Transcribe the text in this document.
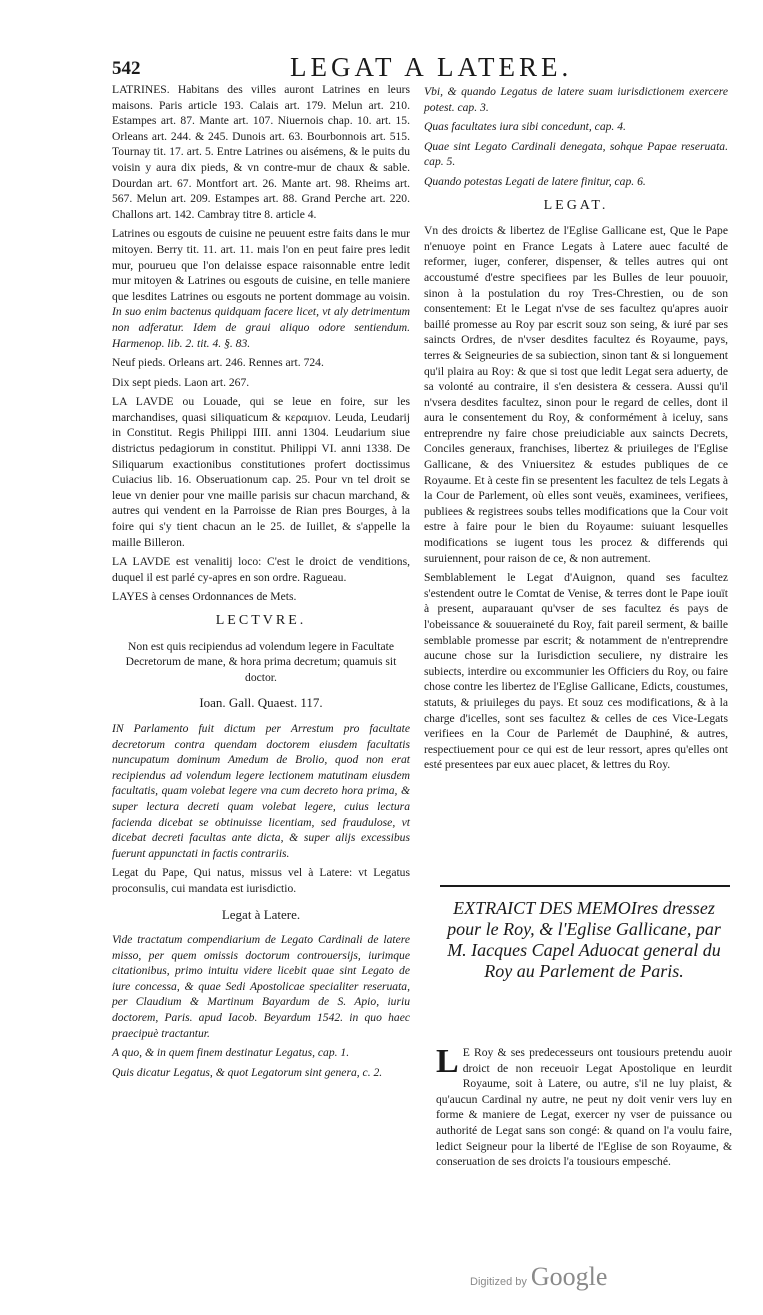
542	LEGAT A LATERE.

LATRINES. Habitans des villes auront Latrines en leurs maisons. Paris article 193. Calais art. 179. Melun art. 210. Estampes art. 87. Mante art. 107. Niuernois chap. 10. art. 15. Orleans art. 244. & 245. Dunois art. 63. Bourbonnois art. 515. Tournay tit. 17. art. 5. Entre Latrines ou aisémens, & le puits du voisin y aura dix pieds, & vn contre-mur de chaux & sable. Dourdan art. 67. Montfort art. 26. Mante art. 98. Rheims art. 567. Melun art. 209. Estampes art. 88. Grand Perche art. 220. Challons art. 142. Cambray titre 8. article 4.

Latrines ou esgouts de cuisine ne peuuent estre faits dans le mur mitoyen. Berry tit. 11. art. 11. mais l'on en peut faire pres ledit mur, pourueu que l'on delaisse espace raisonnable entre ledit mur mitoyen & Latrines ou esgouts de cuisine, en telle maniere que lesdites Latrines ou esgouts ne portent dommage au voisin. In suo enim bactenus quidquam facere licet, vt aly detrimentum non adferatur. Idem de graui aliquo odore sentiendum. Harmenop. lib. 2. tit. 4. §. 83.

Neuf pieds. Orleans art. 246. Rennes art. 724.

Dix sept pieds. Laon art. 267.

LA LAVDE ou Louade, qui se leue en foire, sur les marchandises, quasi siliquaticum & κεραμιον. Leuda, Leudarij in Constitut. Regis Philippi IIII. anni 1304. Leudarium siue districtus pedagiorum in constitut. Philippi VI. anni 1338. De Siliquarum exactionibus constitutiones profert doctissimus Cuiacius lib. 16. Obseruationum cap. 25. Pour vn tel droit se leue vn denier pour vne maille parisis sur chacun marchand, & autres qui vendent en la Parroisse de Rian pres Bourges, à la foire qui s'y tient chacun an le 25. de Iuillet, & s'appelle la maille Billeron.

LA LAVDE est venalitij loco: C'est le droict de venditions, duquel il est parlé cy-apres en son ordre. Ragueau.

LAYES à censes Ordonnances de Mets.

LECTVRE.
Non est quis recipiendus ad volendum legere in Facultate Decretorum de mane, & hora prima decretum; quamuis sit doctor.
Ioan. Gall. Quaest. 117.

IN Parlamento fuit dictum per Arrestum pro facultate decretorum contra quendam doctorem eiusdem facultatis nuncupatum dominum Amedum de Brolio, quod non erat recipiendus ad volendum legere lectionem matutinam eiusdem facultatis, quam volebat legere vna cum decreto hora prima, & super lectura decreti quam volebat legere, cuius lectura facienda dicebat se obtinuisse licentiam, sed fraudulose, vt dicebat decreti facultas ante dicta, & super alijs excessibus fuerunt appunctati in factis contrariis.

Legat du Pape, Qui natus, missus vel à Latere: vt Legatus proconsulis, cui mandata est iurisdictio.

Legat à Latere.

Vide tractatum compendiarium de Legato Cardinali de latere misso, per quem omissis doctorum controuersijs, iurimque citationibus, primo intuitu videre licebit quae sint Legato de iure concessa, & quae Sedi Apostolicae specialiter reseruata, per Claudium & Martinum Bayardum de S. Apio, iuriu doctorem, Paris. apud Iacob. Beyardum 1542. in quo haec praecipuè tractantur.

A quo, & in quem finem destinatur Legatus, cap. 1.

Quis dicatur Legatus, & quot Legatorum sint genera, c. 2.

Vbi, & quando Legatus de latere suam iurisdictionem exercere potest. cap. 3.

Quas facultates iura sibi concedunt, cap. 4.

Quae sint Legato Cardinali denegata, sohque Papae reseruata. cap. 5.

Quando potestas Legati de latere finitur, cap. 6.

LEGAT.

Vn des droicts & libertez de l'Eglise Gallicane est, Que le Pape n'enuoye point en France Legats à Latere auec faculté de reformer, iuger, conferer, dispenser, & telles autres qui ont accoustumé d'estre specifiees par les Bulles de leur pouuoir, sinon à la postulation du roy Tres-Chrestien, ou de son consentement: Et le Legat n'vse de ses facultez qu'apres auoir baillé promesse au Roy par escrit souz son seing, & iuré par ses saincts Ordres, de n'vser desdites facultez és Royaume, pays, terres & Seigneuries de sa subiection, sinon tant & si longuement qu'il plaira au Roy: & que si tost que ledit Legat sera aduerty, de sa volonté au contraire, il s'en desistera & cessera. Aussi qu'il n'vsera desdites facultez, sinon pour le regard de celles, dont il aura le consentement du Roy, & conformément à iceluy, sans entreprendre ny faire chose preiudiciable aux saincts Decrets, Conciles generaux, franchises, libertez & priuileges de l'Eglise Gallicane, & des Vniuersitez & estudes publiques de ce Royaume. Et à ceste fin se presentent les facultez de tels Legats à la Cour de Parlement, où elles sont veuës, examinees, verifiees, publiees & registrees soubs telles modifications que la Cour voit estre à faire pour le bien du Royaume: suiuant lesquelles modifications se iugent tous les procez & differends qui suruiennent, pour raison de ce, & non autrement.

Semblablement le Legat d'Auignon, quand ses facultez s'estendent outre le Comtat de Venise, & terres dont le Pape iouït à present, auparauant qu'vser de ses facultez és pays de l'obeissance & souueraineté du Roy, fait pareil serment, & baille semblable promesse par escrit; & notamment de n'entreprendre aucune chose sur la Iurisdiction seculiere, ny distraire les subiects, interdire ou excommunier les Officiers du Roy, ou faire chose contre les libertez de l'Eglise Gallicane, Edicts, coustumes, statuts, & priuileges du pays. Et souz ces modifications, & à la charge d'icelles, sont ses facultez & celles de ces Vice-Legats verifiees en la Cour de Parlemét de Dauphiné, & autres, respectiuement pour ce qui est de leur ressort, apres qu'elles ont esté presentees par eux auec placet, & lettres du Roy.

EXTRAICT DES MEMOIres dressez pour le Roy, & l'Eglise Gallicane, par M. Iacques Capel Aduocat general du Roy au Parlement de Paris.
L E Roy & ses predecesseurs ont tousiours pretendu auoir droict de non receuoir Legat Apostolique en leurdit Royaume, soit à Latere, ou autre, s'il ne luy plaist, & qu'aucun Cardinal ny autre, ne peut ny doit venir vers luy en forme & maniere de Legat, exercer ny vser de puissance ou authorité de Legat sans son congé: & quand on l'a voulu faire, ledict Seigneur pour la liberté de l'Eglise de son Royaume, & conseruation de ses droicts l'a tousiours empesché.
Digitized by Google
